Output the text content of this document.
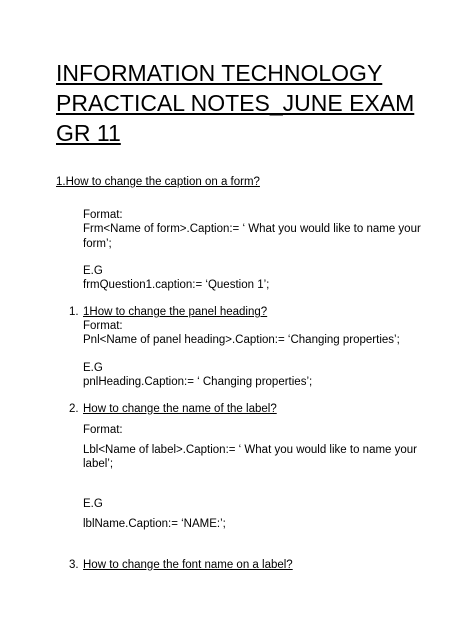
INFORMATION TECHNOLOGY
PRACTICAL NOTES_JUNE EXAM
GR 11
1.How to change the caption on a form?
Format:
Frm<Name of form>.Caption:= ‘ What you would like to name your
form’;
E.G
frmQuestion1.caption:= ‘Question 1’;
1. 1How to change the panel heading?
Format:
Pnl<Name of panel heading>.Caption:= ‘Changing properties’;
E.G
pnlHeading.Caption:= ‘ Changing properties’;
2. How to change the name of the label?
Format:
Lbl<Name of label>.Caption:= ‘ What you would like to name your
label’;
E.G
lblName.Caption:= ‘NAME:’;
3. How to change the font name on a label?
